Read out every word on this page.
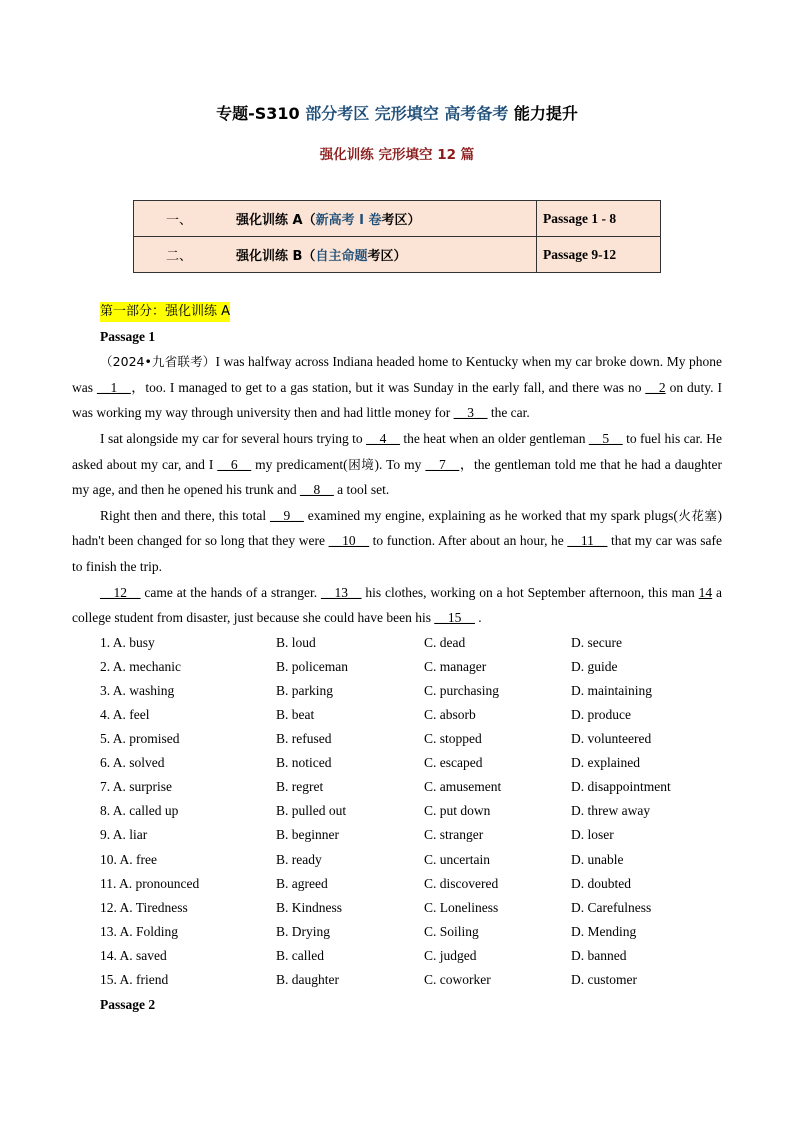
专题-S310 部分考区 完形填空 高考备考 能力提升
强化训练 完形填空 12 篇
一、 强化训练 A（新高考 Ⅰ 卷考区）	Passage 1 - 8
二、 强化训练 B（自主命题考区）	Passage 9-12
第一部分：强化训练 A
Passage 1

（2024•九省联考）I was halfway across Indiana headed home to Kentucky when my car broke down. My phone was __1__，too. I managed to get to a gas station, but it was Sunday in the early fall, and there was no __2 on duty. I was working my way through university then and had little money for __3__ the car.

I sat alongside my car for several hours trying to __4__ the heat when an older gentleman __5__ to fuel his car. He asked about my car, and I __6__ my predicament(困境). To my __7__，the gentleman told me that he had a daughter my age, and then he opened his trunk and __8__ a tool set.

Right then and there, this total __9__ examined my engine, explaining as he worked that my spark plugs(火花塞) hadn't been changed for so long that they were __10__ to function. After about an hour, he __11__ that my car was safe to finish the trip.

__12__ came at the hands of a stranger. __13__ his clothes, working on a hot September afternoon, this man 14 a college student from disaster, just because she could have been his __15__ .

1. A. busy	B. loud	C. dead	D. secure
2. A. mechanic	B. policeman	C. manager	D. guide
3. A. washing	B. parking	C. purchasing	D. maintaining
4. A. feel	B. beat	C. absorb	D. produce
5. A. promised	B. refused	C. stopped	D. volunteered
6. A. solved	B. noticed	C. escaped	D. explained
7. A. surprise	B. regret	C. amusement	D. disappointment
8. A. called up	B. pulled out	C. put down	D. threw away
9. A. liar	B. beginner	C. stranger	D. loser
10. A. free	B. ready	C. uncertain	D. unable
11. A. pronounced	B. agreed	C. discovered	D. doubted
12. A. Tiredness	B. Kindness	C. Loneliness	D. Carefulness
13. A. Folding	B. Drying	C. Soiling	D. Mending
14. A. saved	B. called	C. judged	D. banned
15. A. friend	B. daughter	C. coworker	D. customer
Passage 2
